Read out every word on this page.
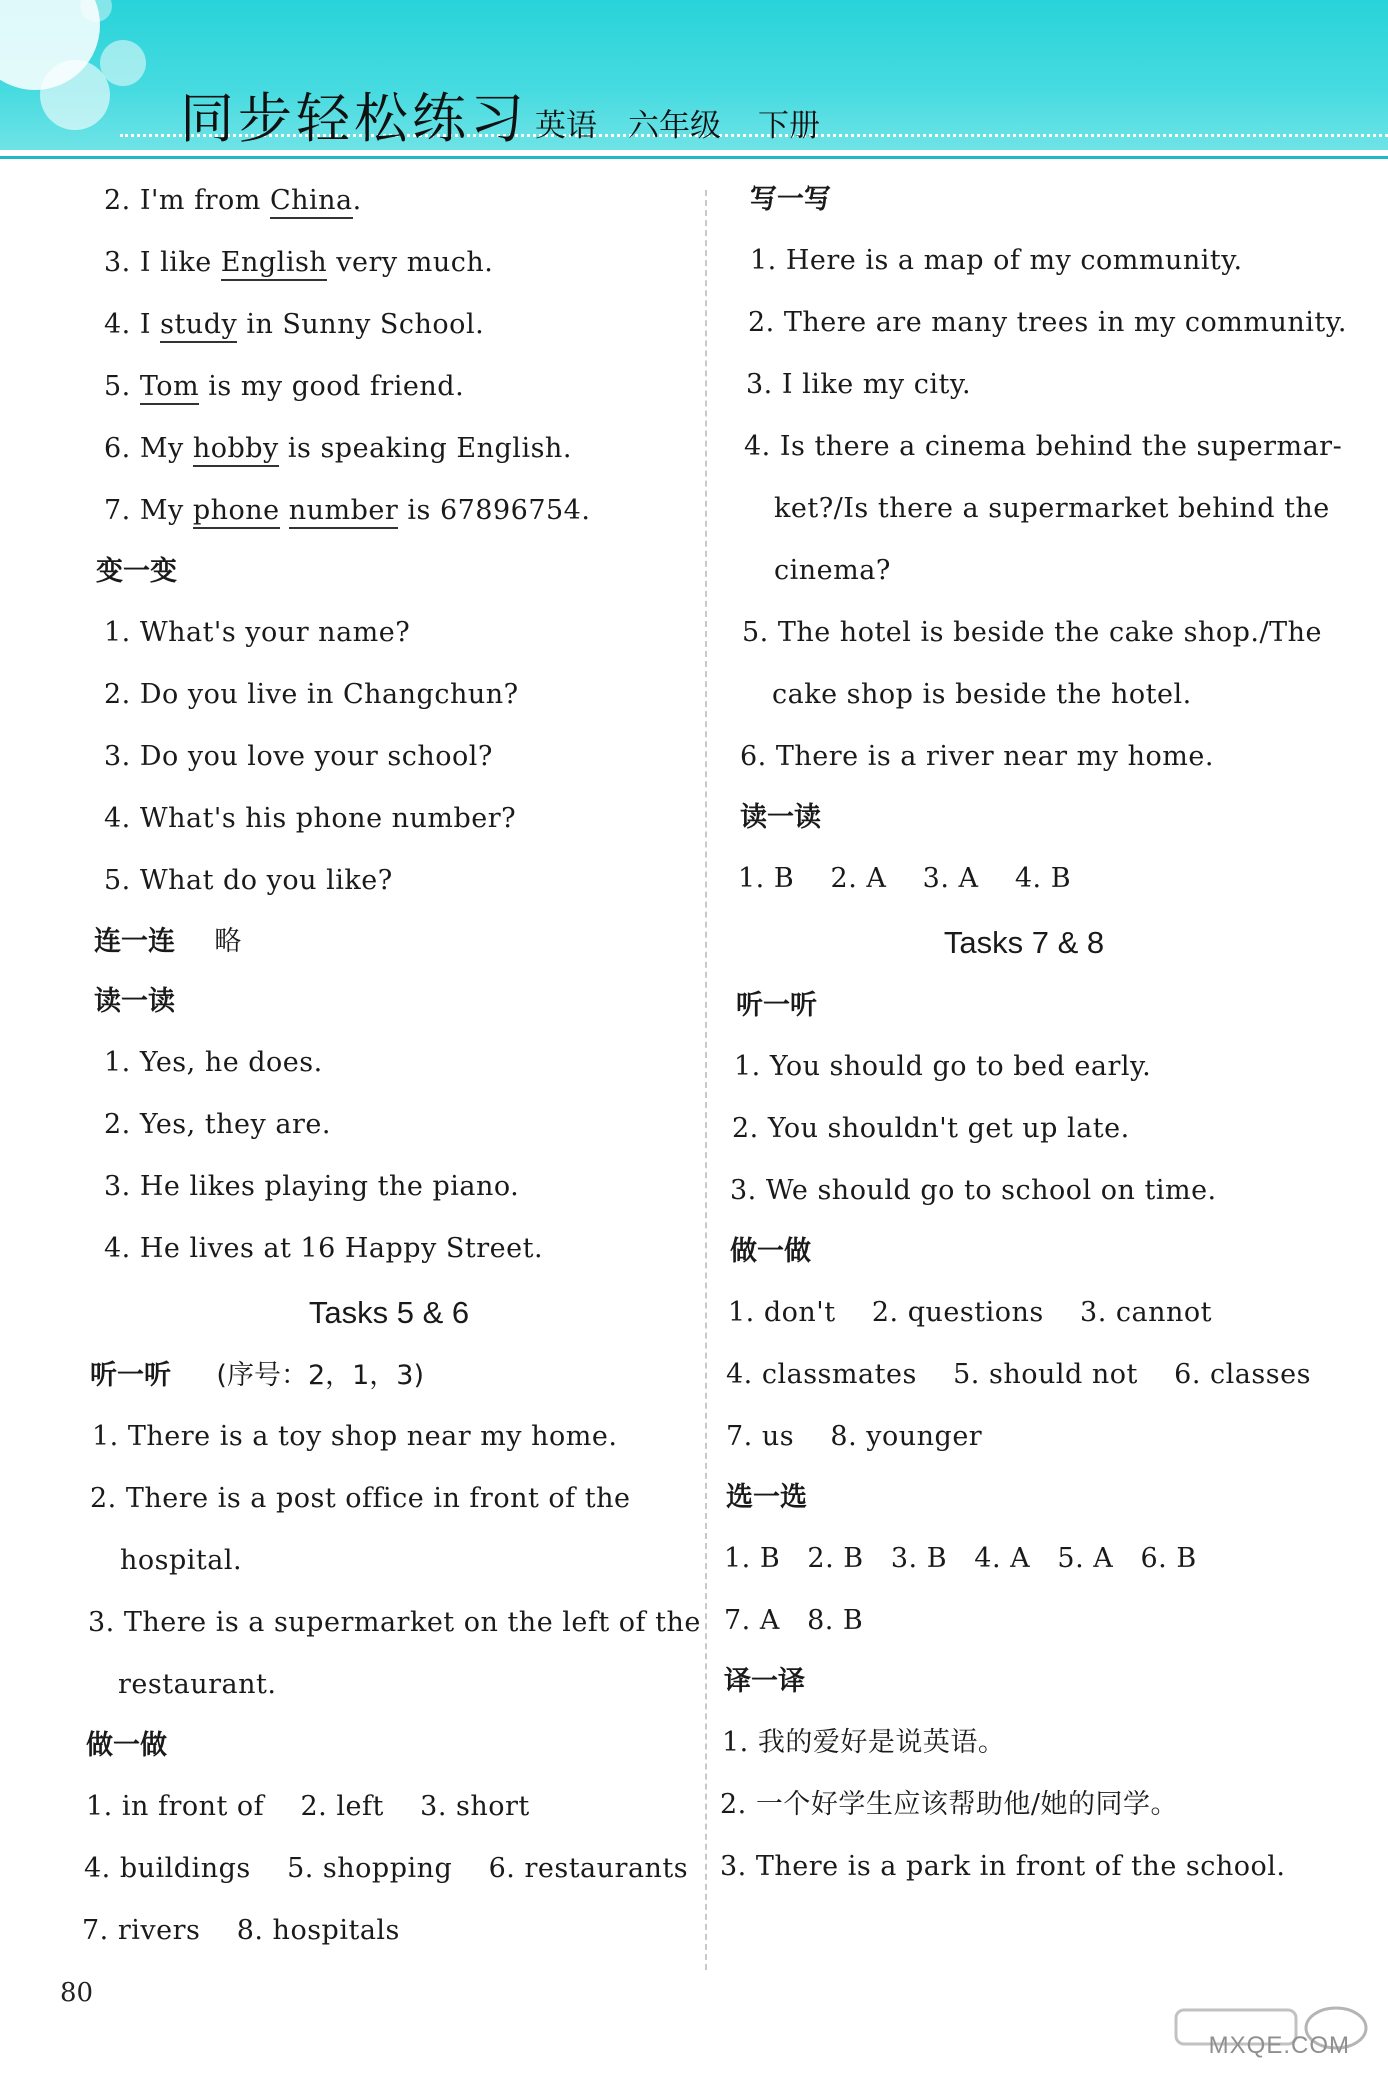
同步轻松练习 英语 六年级 下册
2. I'm from China.
3. I like English very much.
4. I study in Sunny School.
5. Tom is my good friend.
6. My hobby is speaking English.
7. My phone number is 67896754.
变一变
1. What's your name?
2. Do you live in Changchun?
3. Do you love your school?
4. What's his phone number?
5. What do you like?
连一连 略
读一读
1. Yes, he does.
2. Yes, they are.
3. He likes playing the piano.
4. He lives at 16 Happy Street.
Tasks 5 & 6
听一听 (序号：2，1，3)
1. There is a toy shop near my home.
2. There is a post office in front of the
hospital.
3. There is a supermarket on the left of the
restaurant.
做一做
1. in front of    2. left    3. short
4. buildings    5. shopping    6. restaurants
7. rivers    8. hospitals
写一写
1. Here is a map of my community.
2. There are many trees in my community.
3. I like my city.
4. Is there a cinema behind the supermar-
ket?/Is there a supermarket behind the
cinema?
5. The hotel is beside the cake shop./The
cake shop is beside the hotel.
6. There is a river near my home.
读一读
1. B    2. A    3. A    4. B
Tasks 7 & 8
听一听
1. You should go to bed early.
2. You shouldn't get up late.
3. We should go to school on time.
做一做
1. don't    2. questions    3. cannot
4. classmates    5. should not    6. classes
7. us    8. younger
选一选
1. B   2. B   3. B   4. A   5. A   6. B
7. A   8. B
译一译
1. 我的爱好是说英语。
2. 一个好学生应该帮助他/她的同学。
3. There is a park in front of the school.
80
MXQE.COM
